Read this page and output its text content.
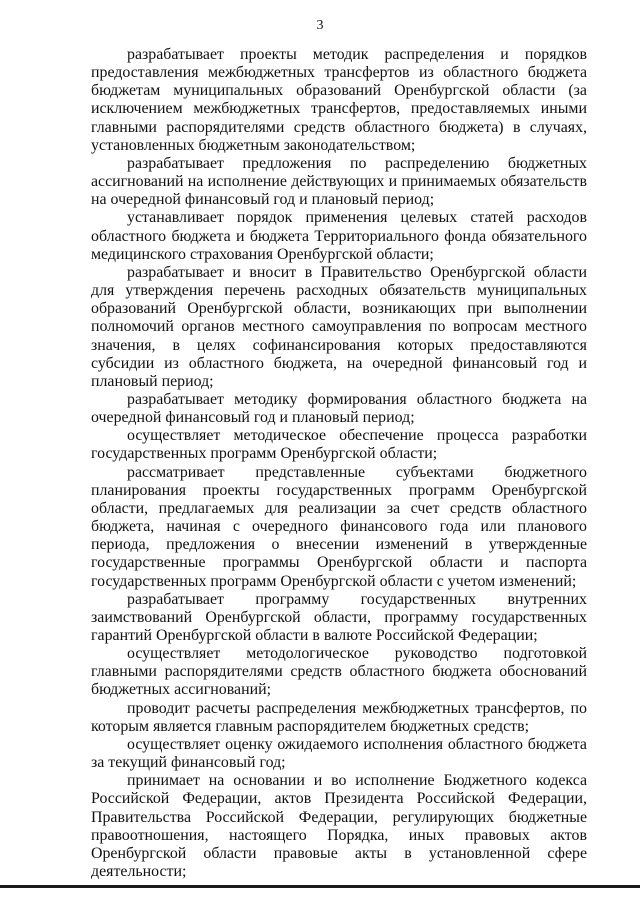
3

разрабатывает проекты методик распределения и порядков предоставления межбюджетных трансфертов из областного бюджета бюджетам муниципальных образований Оренбургской области (за исключением межбюджетных трансфертов, предоставляемых иными главными распорядителями средств областного бюджета) в случаях, установленных бюджетным законодательством;

разрабатывает предложения по распределению бюджетных ассигнований на исполнение действующих и принимаемых обязательств на очередной финансовый год и плановый период;

устанавливает порядок применения целевых статей расходов областного бюджета и бюджета Территориального фонда обязательного медицинского страхования Оренбургской области;

разрабатывает и вносит в Правительство Оренбургской области для утверждения перечень расходных обязательств муниципальных образований Оренбургской области, возникающих при выполнении полномочий органов местного самоуправления по вопросам местного значения, в целях софинансирования которых предоставляются субсидии из областного бюджета, на очередной финансовый год и плановый период;

разрабатывает методику формирования областного бюджета на очередной финансовый год и плановый период;

осуществляет методическое обеспечение процесса разработки государственных программ Оренбургской области;

рассматривает представленные субъектами бюджетного планирования проекты государственных программ Оренбургской области, предлагаемых для реализации за счет средств областного бюджета, начиная с очередного финансового года или планового периода, предложения о внесении изменений в утвержденные государственные программы Оренбургской области и паспорта государственных программ Оренбургской области с учетом изменений;

разрабатывает программу государственных внутренних заимствований Оренбургской области, программу государственных гарантий Оренбургской области в валюте Российской Федерации;

осуществляет методологическое руководство подготовкой главными распорядителями средств областного бюджета обоснований бюджетных ассигнований;

проводит расчеты распределения межбюджетных трансфертов, по которым является главным распорядителем бюджетных средств;

осуществляет оценку ожидаемого исполнения областного бюджета за текущий финансовый год;

принимает на основании и во исполнение Бюджетного кодекса Российской Федерации, актов Президента Российской Федерации, Правительства Российской Федерации, регулирующих бюджетные правоотношения, настоящего Порядка, иных правовых актов Оренбургской области правовые акты в установленной сфере деятельности;
